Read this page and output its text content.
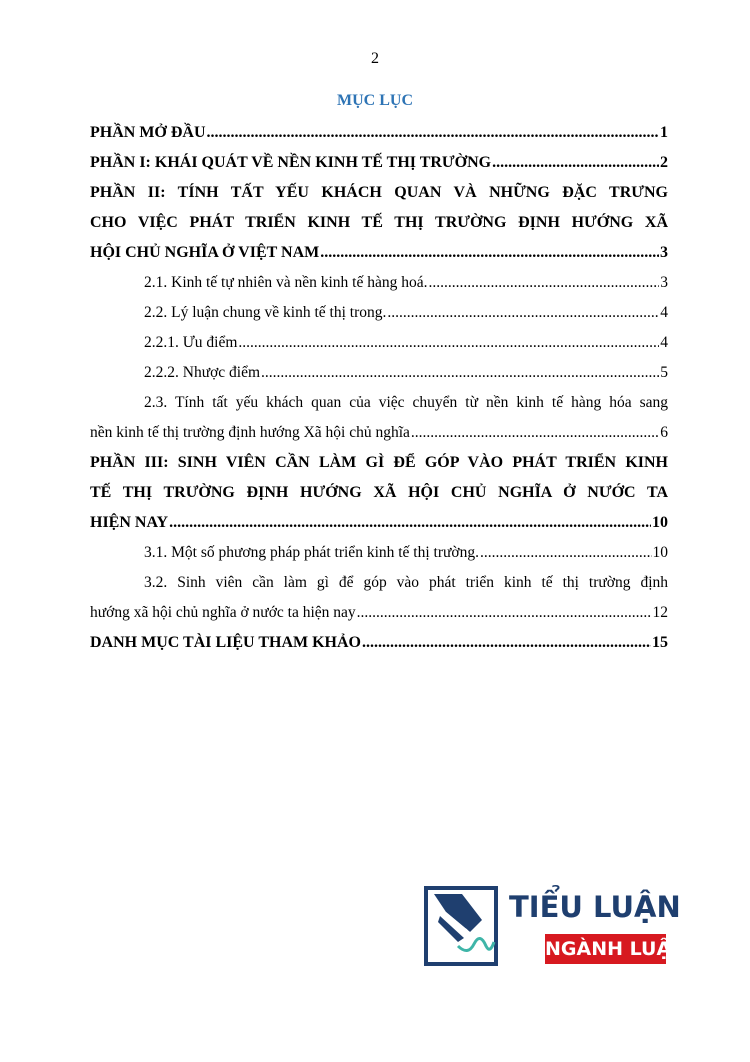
2
MỤC LỤC
PHẦN MỞ ĐẦU .....	1
PHẦN I: KHÁI QUÁT VỀ NỀN KINH TẾ THỊ TRƯỜNG .....	2
PHẦN II: TÍNH TẤT YẾU KHÁCH QUAN VÀ NHỮNG ĐẶC TRƯNG
CHO VIỆC PHÁT TRIỂN KINH TẾ THỊ TRƯỜNG ĐỊNH HƯỚNG XÃ
HỘI CHỦ NGHĨA Ở VIỆT NAM .....	3
2.1. Kinh tế tự nhiên và nền kinh tế hàng hoá. .....	3
2.2. Lý luận chung về kinh tế thị trong. .....	4
2.2.1. Ưu điểm .....	4
2.2.2. Nhược điểm .....	5
2.3. Tính tất yếu khách quan của việc chuyển từ nền kinh tế hàng hóa sang
nền kinh tế thị trường định hướng Xã hội chủ nghĩa .....	6
PHẦN III: SINH VIÊN CẦN LÀM GÌ ĐỂ GÓP VÀO PHÁT TRIỂN KINH
TẾ THỊ TRƯỜNG ĐỊNH HƯỚNG XÃ HỘI CHỦ NGHĨA Ở NƯỚC TA
HIỆN NAY .....	10
3.1. Một số phương pháp phát triển kinh tế thị trường. .....	10
3.2. Sinh viên cần làm gì để góp vào phát triển kinh tế thị trường định
hướng xã hội chủ nghĩa ở nước ta hiện nay .....	12
DANH MỤC TÀI LIỆU THAM KHẢO .....	15
TIỂU LUẬN
NGÀNH LUẬT
